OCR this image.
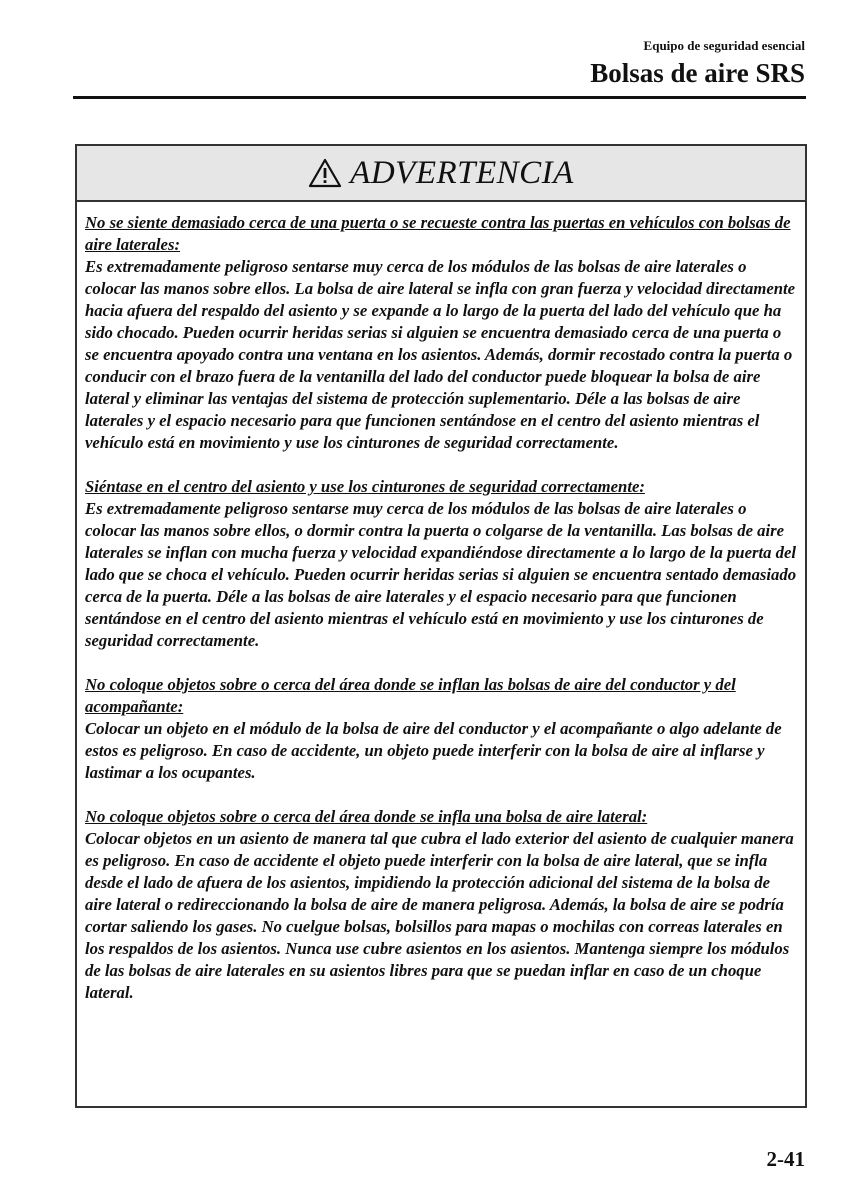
Equipo de seguridad esencial
Bolsas de aire SRS
ADVERTENCIA

No se siente demasiado cerca de una puerta o se recueste contra las puertas en vehículos con bolsas de aire laterales:

Es extremadamente peligroso sentarse muy cerca de los módulos de las bolsas de aire laterales o colocar las manos sobre ellos. La bolsa de aire lateral se infla con gran fuerza y velocidad directamente hacia afuera del respaldo del asiento y se expande a lo largo de la puerta del lado del vehículo que ha sido chocado. Pueden ocurrir heridas serias si alguien se encuentra demasiado cerca de una puerta o se encuentra apoyado contra una ventana en los asientos. Además, dormir recostado contra la puerta o conducir con el brazo fuera de la ventanilla del lado del conductor puede bloquear la bolsa de aire lateral y eliminar las ventajas del sistema de protección suplementario. Déle a las bolsas de aire laterales y el espacio necesario para que funcionen sentándose en el centro del asiento mientras el vehículo está en movimiento y use los cinturones de seguridad correctamente.

Siéntase en el centro del asiento y use los cinturones de seguridad correctamente:

Es extremadamente peligroso sentarse muy cerca de los módulos de las bolsas de aire laterales o colocar las manos sobre ellos, o dormir contra la puerta o colgarse de la ventanilla. Las bolsas de aire laterales se inflan con mucha fuerza y velocidad expandiéndose directamente a lo largo de la puerta del lado que se choca el vehículo. Pueden ocurrir heridas serias si alguien se encuentra sentado demasiado cerca de la puerta. Déle a las bolsas de aire laterales y el espacio necesario para que funcionen sentándose en el centro del asiento mientras el vehículo está en movimiento y use los cinturones de seguridad correctamente.

No coloque objetos sobre o cerca del área donde se inflan las bolsas de aire del conductor y del acompañante:

Colocar un objeto en el módulo de la bolsa de aire del conductor y el acompañante o algo adelante de estos es peligroso. En caso de accidente, un objeto puede interferir con la bolsa de aire al inflarse y lastimar a los ocupantes.

No coloque objetos sobre o cerca del área donde se infla una bolsa de aire lateral:

Colocar objetos en un asiento de manera tal que cubra el lado exterior del asiento de cualquier manera es peligroso. En caso de accidente el objeto puede interferir con la bolsa de aire lateral, que se infla desde el lado de afuera de los asientos, impidiendo la protección adicional del sistema de la bolsa de aire lateral o redireccionando la bolsa de aire de manera peligrosa. Además, la bolsa de aire se podría cortar saliendo los gases. No cuelgue bolsas, bolsillos para mapas o mochilas con correas laterales en los respaldos de los asientos. Nunca use cubre asientos en los asientos. Mantenga siempre los módulos de las bolsas de aire laterales en su asientos libres para que se puedan inflar en caso de un choque lateral.

2-41
